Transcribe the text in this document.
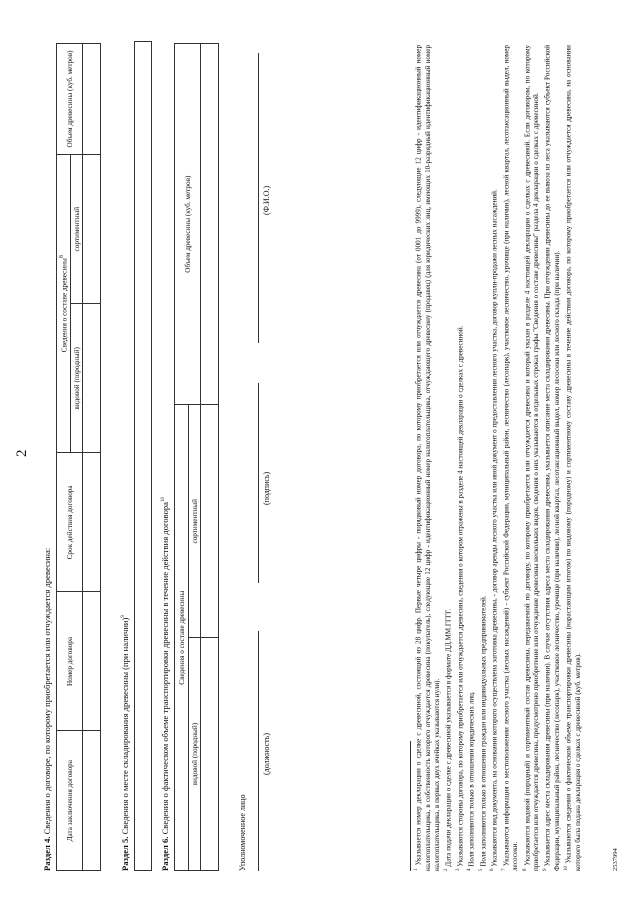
2
Раздел 4. Сведения о договоре, по которому приобретается или отчуждается древесина: Дата заключения договора	Номер договора	Срок действия договора	Сведения о составе древесины$^8$		Объем древесины (куб. метров)
			видовой (породный)	сортиментный	

Раздел 5. Сведения о месте складирования древесины (при наличии)$^9$
Раздел 6. Сведения о фактическом объеме транспортировки древесины в течение действия договора$^{10}$
Сведения о составе древесины		Объем древесины (куб. метров)
видовой (породный)	сортиментный	

Уполномоченное лицо
(должность)
(подпись)
(Ф.И.О.)

$^1$ Указывается номер декларации о сделке с древесиной, состоящий из 28 цифр. Первые четыре цифры - порядковый номер договора, по которому приобретается или отчуждается древесина (от 0001 до 9999), следующие 12 цифр - идентификационный номер налогоплательщика, в собственность которого отчуждается древесина (покупатель), следующие 12 цифр - идентификационный номер налогоплательщика, отчуждающего древесину (продавец) (для юридических лиц, имеющих 10-разрядный идентификационный номер налогоплательщика, в первых двух ячейках указываются нули). $^2$ Дата подачи декларации о сделке с древесиной указывается в формате ДД.ММ.ГГГГ.

$^3$ Указываются стороны договора, по которому приобретается или отчуждается древесина, сведения о котором отражены в разделе 4 настоящей декларации о сделках с древесиной.

$^4$ Поля заполняются только в отношении юридических лиц.

$^5$ Поля заполняются только в отношении граждан или индивидуальных предпринимателей.

$^6$ Указываются вид документа, на основании которого осуществлена заготовка древесины, - договор аренды лесного участка или иной документ о предоставлении лесного участка, договор купли-продажи лесных насаждений.

$^7$ Указываются информация о местоположении лесного участка (лесных насаждений) - субъект Российской Федерации, муниципальный район, лесничество (лесопарк), участковое лесничество, урочище (при наличии), лесной квартал, лесотаксационный выдел, номер лесосеки. $^8$ Указываются видовой (породный) и сортиментный состав древесины, передаваемой по договору, по которому приобретается или отчуждается древесина и который указан в разделе 4 настоящей декларации о сделках с древесиной. Если договором, по которому приобретается или отчуждается древесина, предусмотрено приобретение или отчуждение древесины нескольких видов, сведения о них указываются в отдельных строках графы "Сведения о составе древесины" раздела 4 декларации о сделках с древесиной. $^9$ Указывается адрес места складирования древесины (при наличии). В случае отсутствия адреса места складирования древесины, указывается описание места складирования древесины. При отчуждении древесины до ее вывоза из леса указываются субъект Российской Федерации, муниципальный район, лесничество (лесопарк), участковое лесничество, урочище (при наличии), лесной квартал, лесотаксационный выдел, номер лесосеки или лесного склада (при наличии). $^{10}$ Указываются сведения о фактическом объеме транспортировки древесины (нарастающим итогом) по видовому (породному) и сортиментному составу древесины в течение действия договора, по которому приобретается или отчуждается древесина, на основании которого была подана декларация о сделках с древесиной (куб. метров).	2537994
